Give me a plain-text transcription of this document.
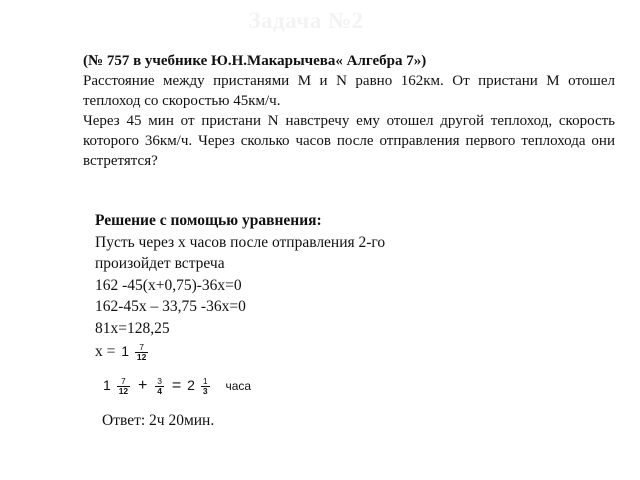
Задача №2

(№ 757 в учебнике Ю.Н.Макарычева« Алгебра 7»)

Расстояние между пристанями М и N равно 162км. От пристани М отошел теплоход со скоростью 45км/ч.

Через 45 мин от пристани N навстречу ему отошел другой теплоход, скорость которого 36км/ч. Через сколько часов после отправления первого теплохода они встретятся?

Решение с помощью уравнения:
Пусть через х часов после отправления 2-го
произойдет встреча
162 -45(х+0,75)-36х=0
162-45х – 33,75 -36х=0
81х=128,25
$х = 1 \frac{7}{12}$
$1 \frac{7}{12} + \frac{3}{4} = 2 \frac{1}{3}$ часа
Ответ: 2ч 20мин.
